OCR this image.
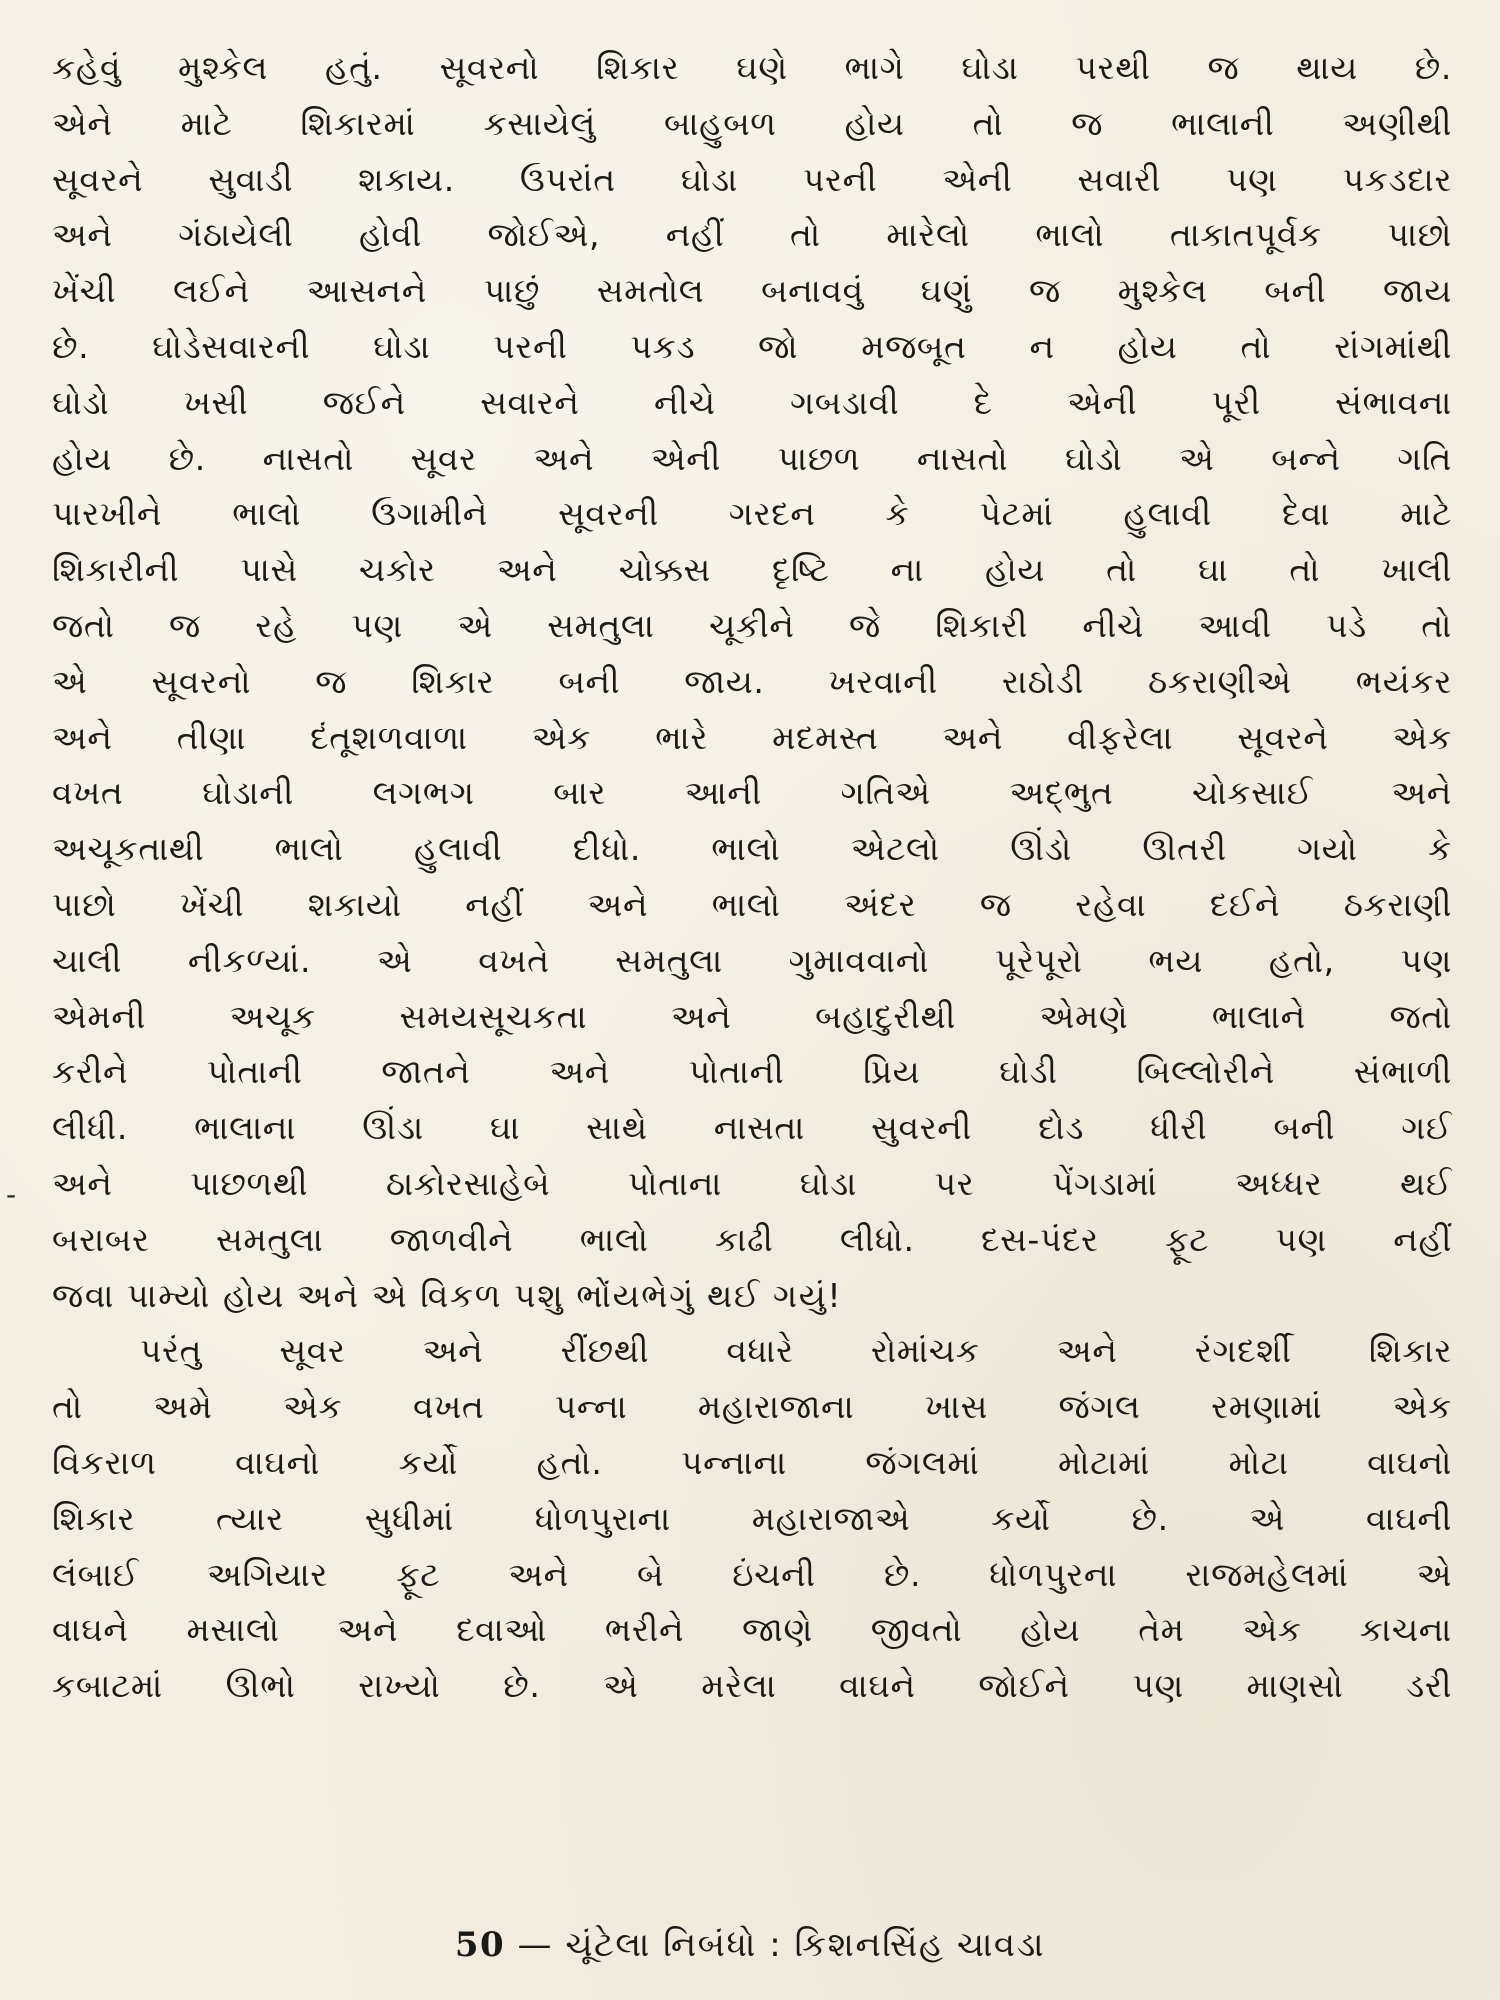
-
કહેવું મુશ્કેલ હતું. સૂવરનો શિકાર ઘણે ભાગે ઘોડા પરથી જ થાય છે.
એને માટે શિકારમાં કસાયેલું બાહુબળ હોય તો જ ભાલાની અણીથી
સૂવરને સુવાડી શકાય. ઉપરાંત ઘોડા પરની એની સવારી પણ પકડદાર
અને ગંઠાયેલી હોવી જોઈએ, નહીં તો મારેલો ભાલો તાકાતપૂર્વક પાછો
ખેંચી લઈને આસનને પાછું સમતોલ બનાવવું ઘણું જ મુશ્કેલ બની જાય
છે. ઘોડેસવારની ઘોડા પરની પકડ જો મજબૂત ન હોય તો રાંગમાંથી
ઘોડો ખસી જઈને સવારને નીચે ગબડાવી દે એની પૂરી સંભાવના
હોય છે. નાસતો સૂવર અને એની પાછળ નાસતો ઘોડો એ બન્ને ગતિ
પારખીને ભાલો ઉગામીને સૂવરની ગરદન કે પેટમાં હુલાવી દેવા માટે
શિકારીની પાસે ચકોર અને ચોક્કસ દૃષ્ટિ ના હોય તો ઘા તો ખાલી
જતો જ રહે પણ એ સમતુલા ચૂકીને જે શિકારી નીચે આવી પડે તો
એ સૂવરનો જ શિકાર બની જાય. ખરવાની રાઠોડી ઠકરાણીએ ભયંકર
અને તીણા દંતૂશળવાળા એક ભારે મદમસ્ત અને વીફરેલા સૂવરને એક
વખત ઘોડાની લગભગ બાર આની ગતિએ અદ્ભુત ચોકસાઈ અને
અચૂકતાથી ભાલો હુલાવી દીધો. ભાલો એટલો ઊંડો ઊતરી ગયો કે
પાછો ખેંચી શકાયો નહીં અને ભાલો અંદર જ રહેવા દઈને ઠકરાણી
ચાલી નીકળ્યાં. એ વખતે સમતુલા ગુમાવવાનો પૂરેપૂરો ભય હતો, પણ
એમની અચૂક સમયસૂચકતા અને બહાદુરીથી એમણે ભાલાને જતો
કરીને પોતાની જાતને અને પોતાની પ્રિય ઘોડી બિલ્લોરીને સંભાળી
લીધી. ભાલાના ઊંડા ઘા સાથે નાસતા સુવરની દોડ ધીરી બની ગઈ
અને પાછળથી ઠાકોરસાહેબે પોતાના ઘોડા પર પેંગડામાં અધ્ધર થઈ
બરાબર સમતુલા જાળવીને ભાલો કાઢી લીધો. દસ-પંદર ફૂટ પણ નહીં
જવા પામ્યો હોય અને એ વિકળ પશુ ભોંયભેગું થઈ ગયું!
પરંતુ સૂવર અને રીંછથી વધારે રોમાંચક અને રંગદર્શી શિકાર
તો અમે એક વખત પન્ના મહારાજાના ખાસ જંગલ રમણામાં એક
વિકરાળ વાઘનો કર્યો હતો. પન્નાના જંગલમાં મોટામાં મોટા વાઘનો
શિકાર ત્યાર સુધીમાં ધોળપુરાના મહારાજાએ કર્યો છે. એ વાઘની
લંબાઈ અગિયાર ફૂટ અને બે ઇંચની છે. ધોળપુરના રાજમહેલમાં એ
વાઘને મસાલો અને દવાઓ ભરીને જાણે જીવતો હોય તેમ એક કાચના
કબાટમાં ઊભો રાખ્યો છે. એ મરેલા વાઘને જોઈને પણ માણસો ડરી
50 — ચૂંટેલા નિબંધો : કિશનસિંહ ચાવડા
